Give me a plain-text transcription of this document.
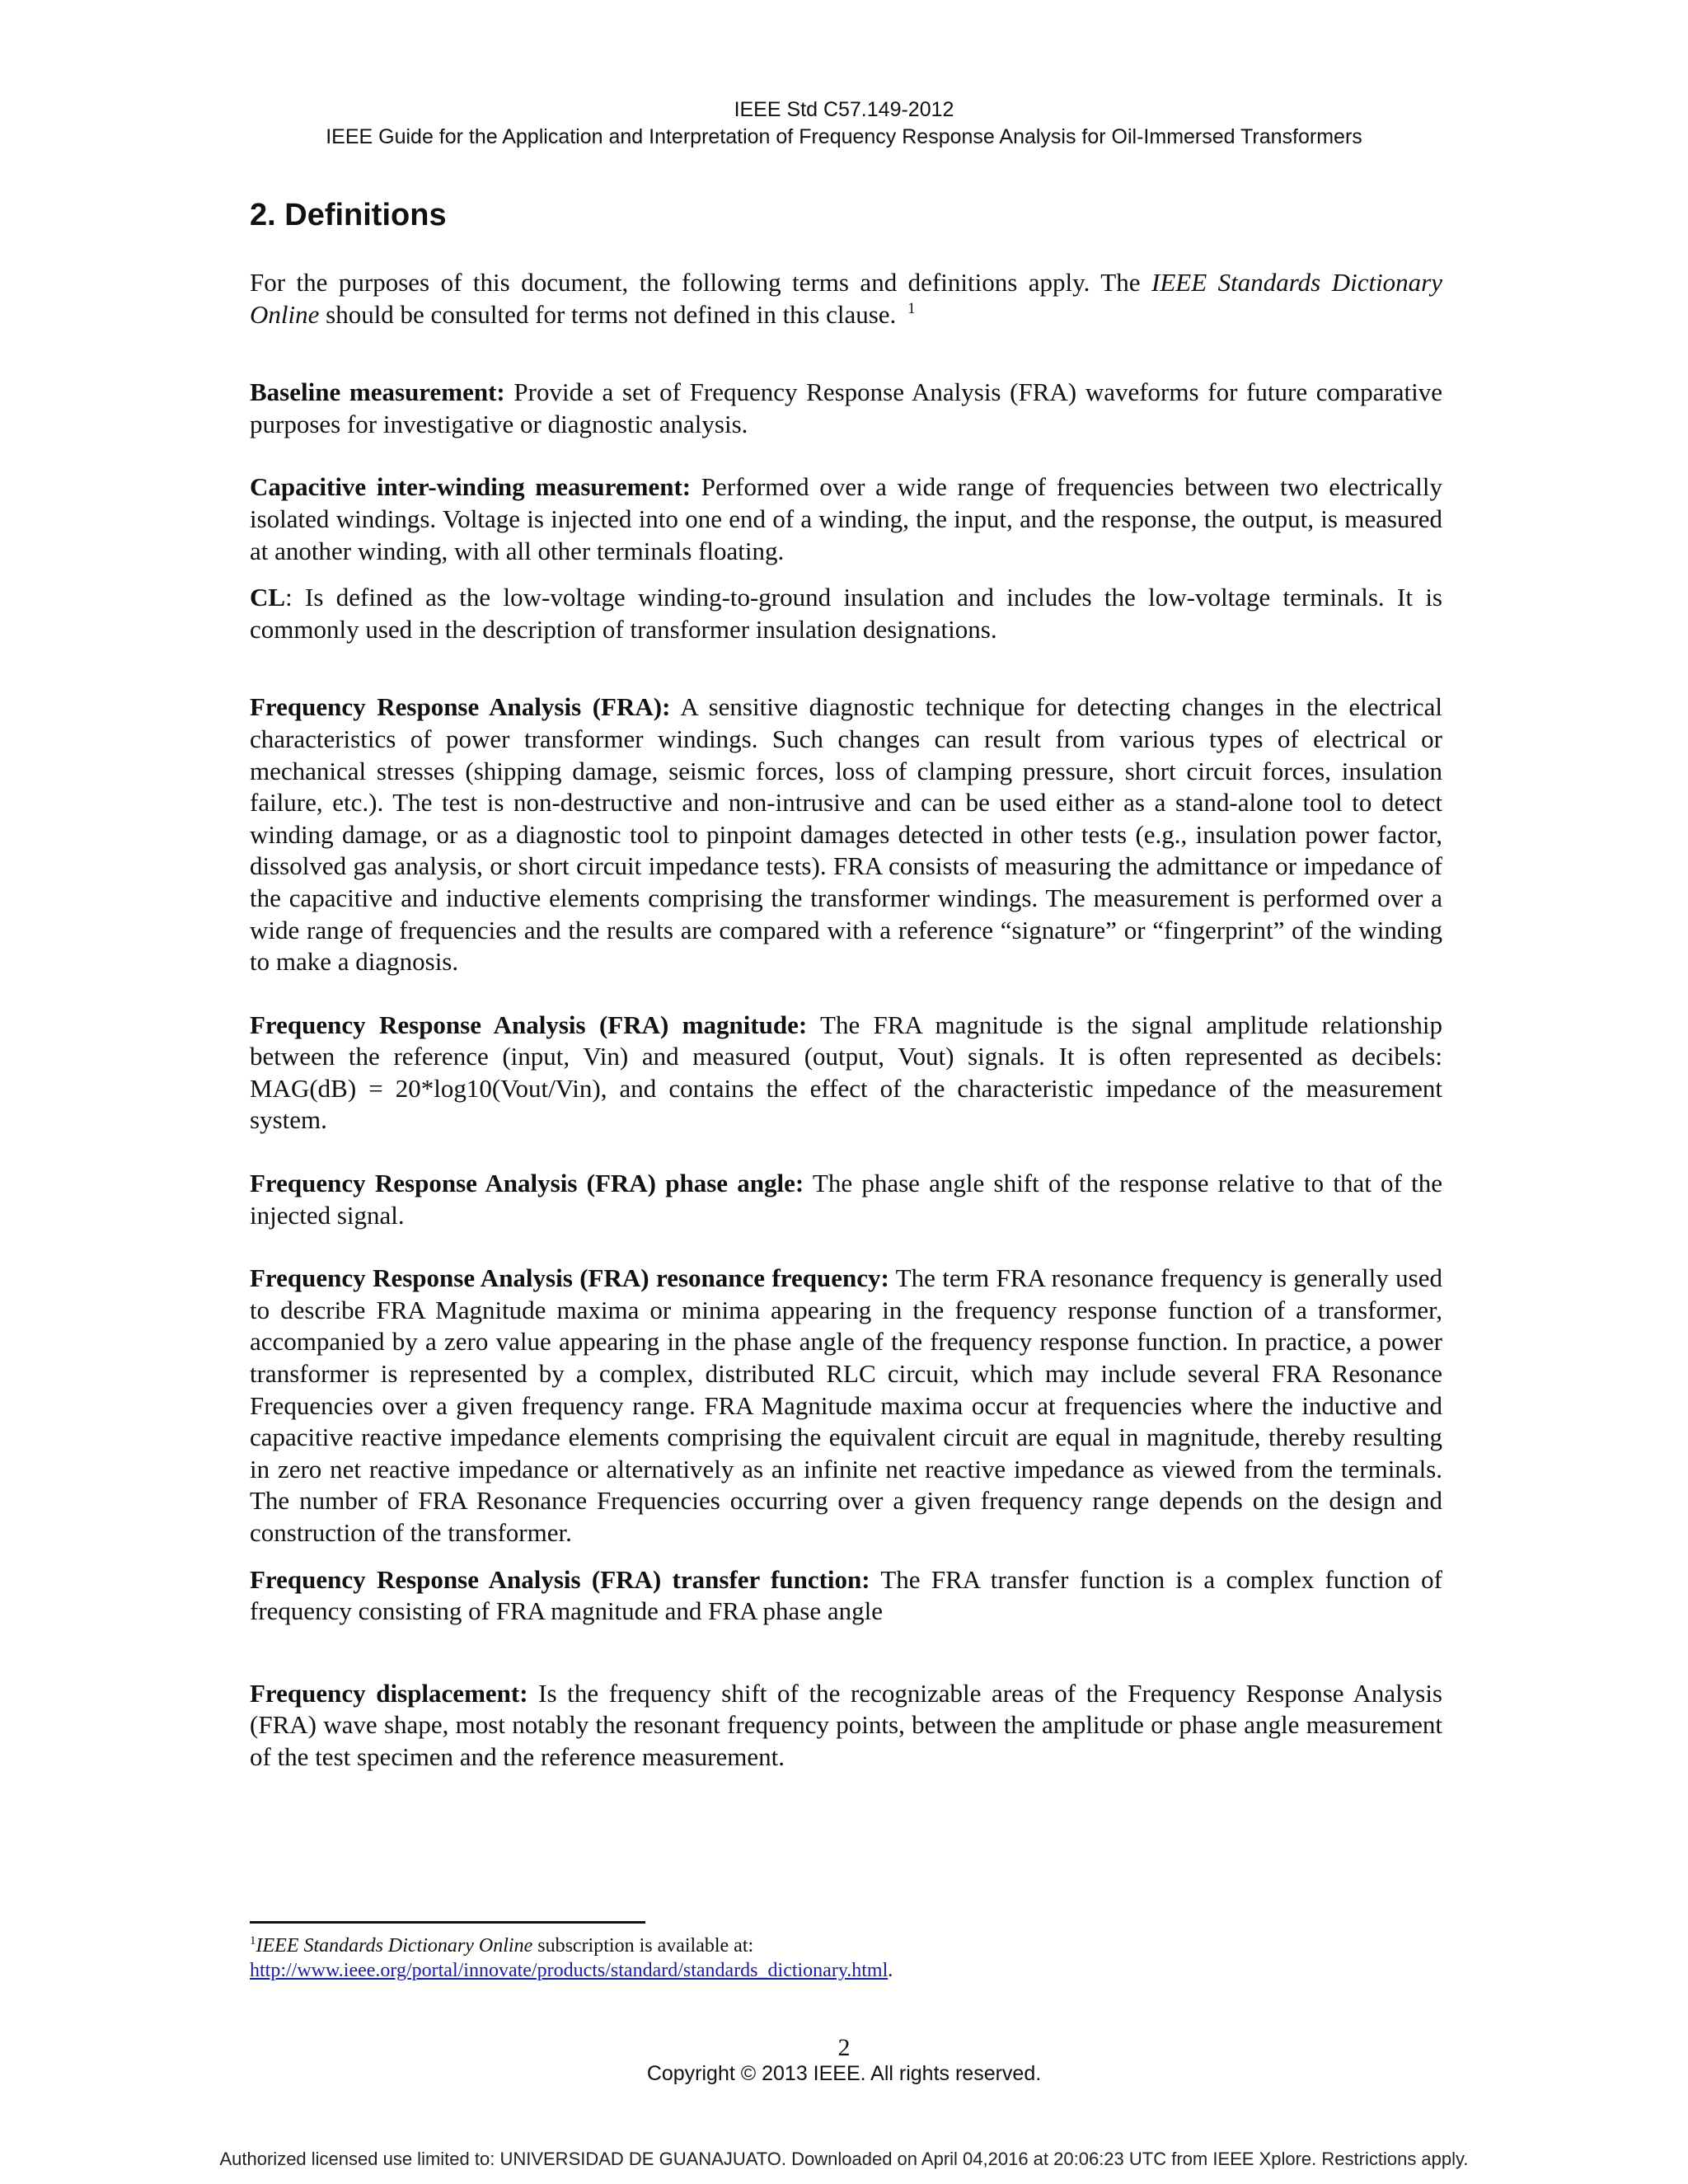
IEEE Std C57.149-2012
IEEE Guide for the Application and Interpretation of Frequency Response Analysis for Oil-Immersed Transformers
2. Definitions

For the purposes of this document, the following terms and definitions apply. The IEEE Standards Dictionary Online should be consulted for terms not defined in this clause. $^1$

Baseline measurement: Provide a set of Frequency Response Analysis (FRA) waveforms for future comparative purposes for investigative or diagnostic analysis.

Capacitive inter-winding measurement: Performed over a wide range of frequencies between two electrically isolated windings. Voltage is injected into one end of a winding, the input, and the response, the output, is measured at another winding, with all other terminals floating.

CL: Is defined as the low-voltage winding-to-ground insulation and includes the low-voltage terminals. It is commonly used in the description of transformer insulation designations.

Frequency Response Analysis (FRA): A sensitive diagnostic technique for detecting changes in the electrical characteristics of power transformer windings. Such changes can result from various types of electrical or mechanical stresses (shipping damage, seismic forces, loss of clamping pressure, short circuit forces, insulation failure, etc.). The test is non-destructive and non-intrusive and can be used either as a stand-alone tool to detect winding damage, or as a diagnostic tool to pinpoint damages detected in other tests (e.g., insulation power factor, dissolved gas analysis, or short circuit impedance tests). FRA consists of measuring the admittance or impedance of the capacitive and inductive elements comprising the transformer windings. The measurement is performed over a wide range of frequencies and the results are compared with a reference “signature” or “fingerprint” of the winding to make a diagnosis.

Frequency Response Analysis (FRA) magnitude: The FRA magnitude is the signal amplitude relationship between the reference (input, Vin) and measured (output, Vout) signals. It is often represented as decibels: MAG(dB) = 20*log10(Vout/Vin), and contains the effect of the characteristic impedance of the measurement system.

Frequency Response Analysis (FRA) phase angle: The phase angle shift of the response relative to that of the injected signal.

Frequency Response Analysis (FRA) resonance frequency: The term FRA resonance frequency is generally used to describe FRA Magnitude maxima or minima appearing in the frequency response function of a transformer, accompanied by a zero value appearing in the phase angle of the frequency response function. In practice, a power transformer is represented by a complex, distributed RLC circuit, which may include several FRA Resonance Frequencies over a given frequency range. FRA Magnitude maxima occur at frequencies where the inductive and capacitive reactive impedance elements comprising the equivalent circuit are equal in magnitude, thereby resulting in zero net reactive impedance or alternatively as an infinite net reactive impedance as viewed from the terminals. The number of FRA Resonance Frequencies occurring over a given frequency range depends on the design and construction of the transformer.

Frequency Response Analysis (FRA) transfer function: The FRA transfer function is a complex function of frequency consisting of FRA magnitude and FRA phase angle

Frequency displacement: Is the frequency shift of the recognizable areas of the Frequency Response Analysis (FRA) wave shape, most notably the resonant frequency points, between the amplitude or phase angle measurement of the test specimen and the reference measurement.

$^1$IEEE Standards Dictionary Online subscription is available at:
http://www.ieee.org/portal/innovate/products/standard/standards_dictionary.html.
2
Copyright © 2013 IEEE. All rights reserved.
Authorized licensed use limited to: UNIVERSIDAD DE GUANAJUATO. Downloaded on April 04,2016 at 20:06:23 UTC from IEEE Xplore. Restrictions apply.
